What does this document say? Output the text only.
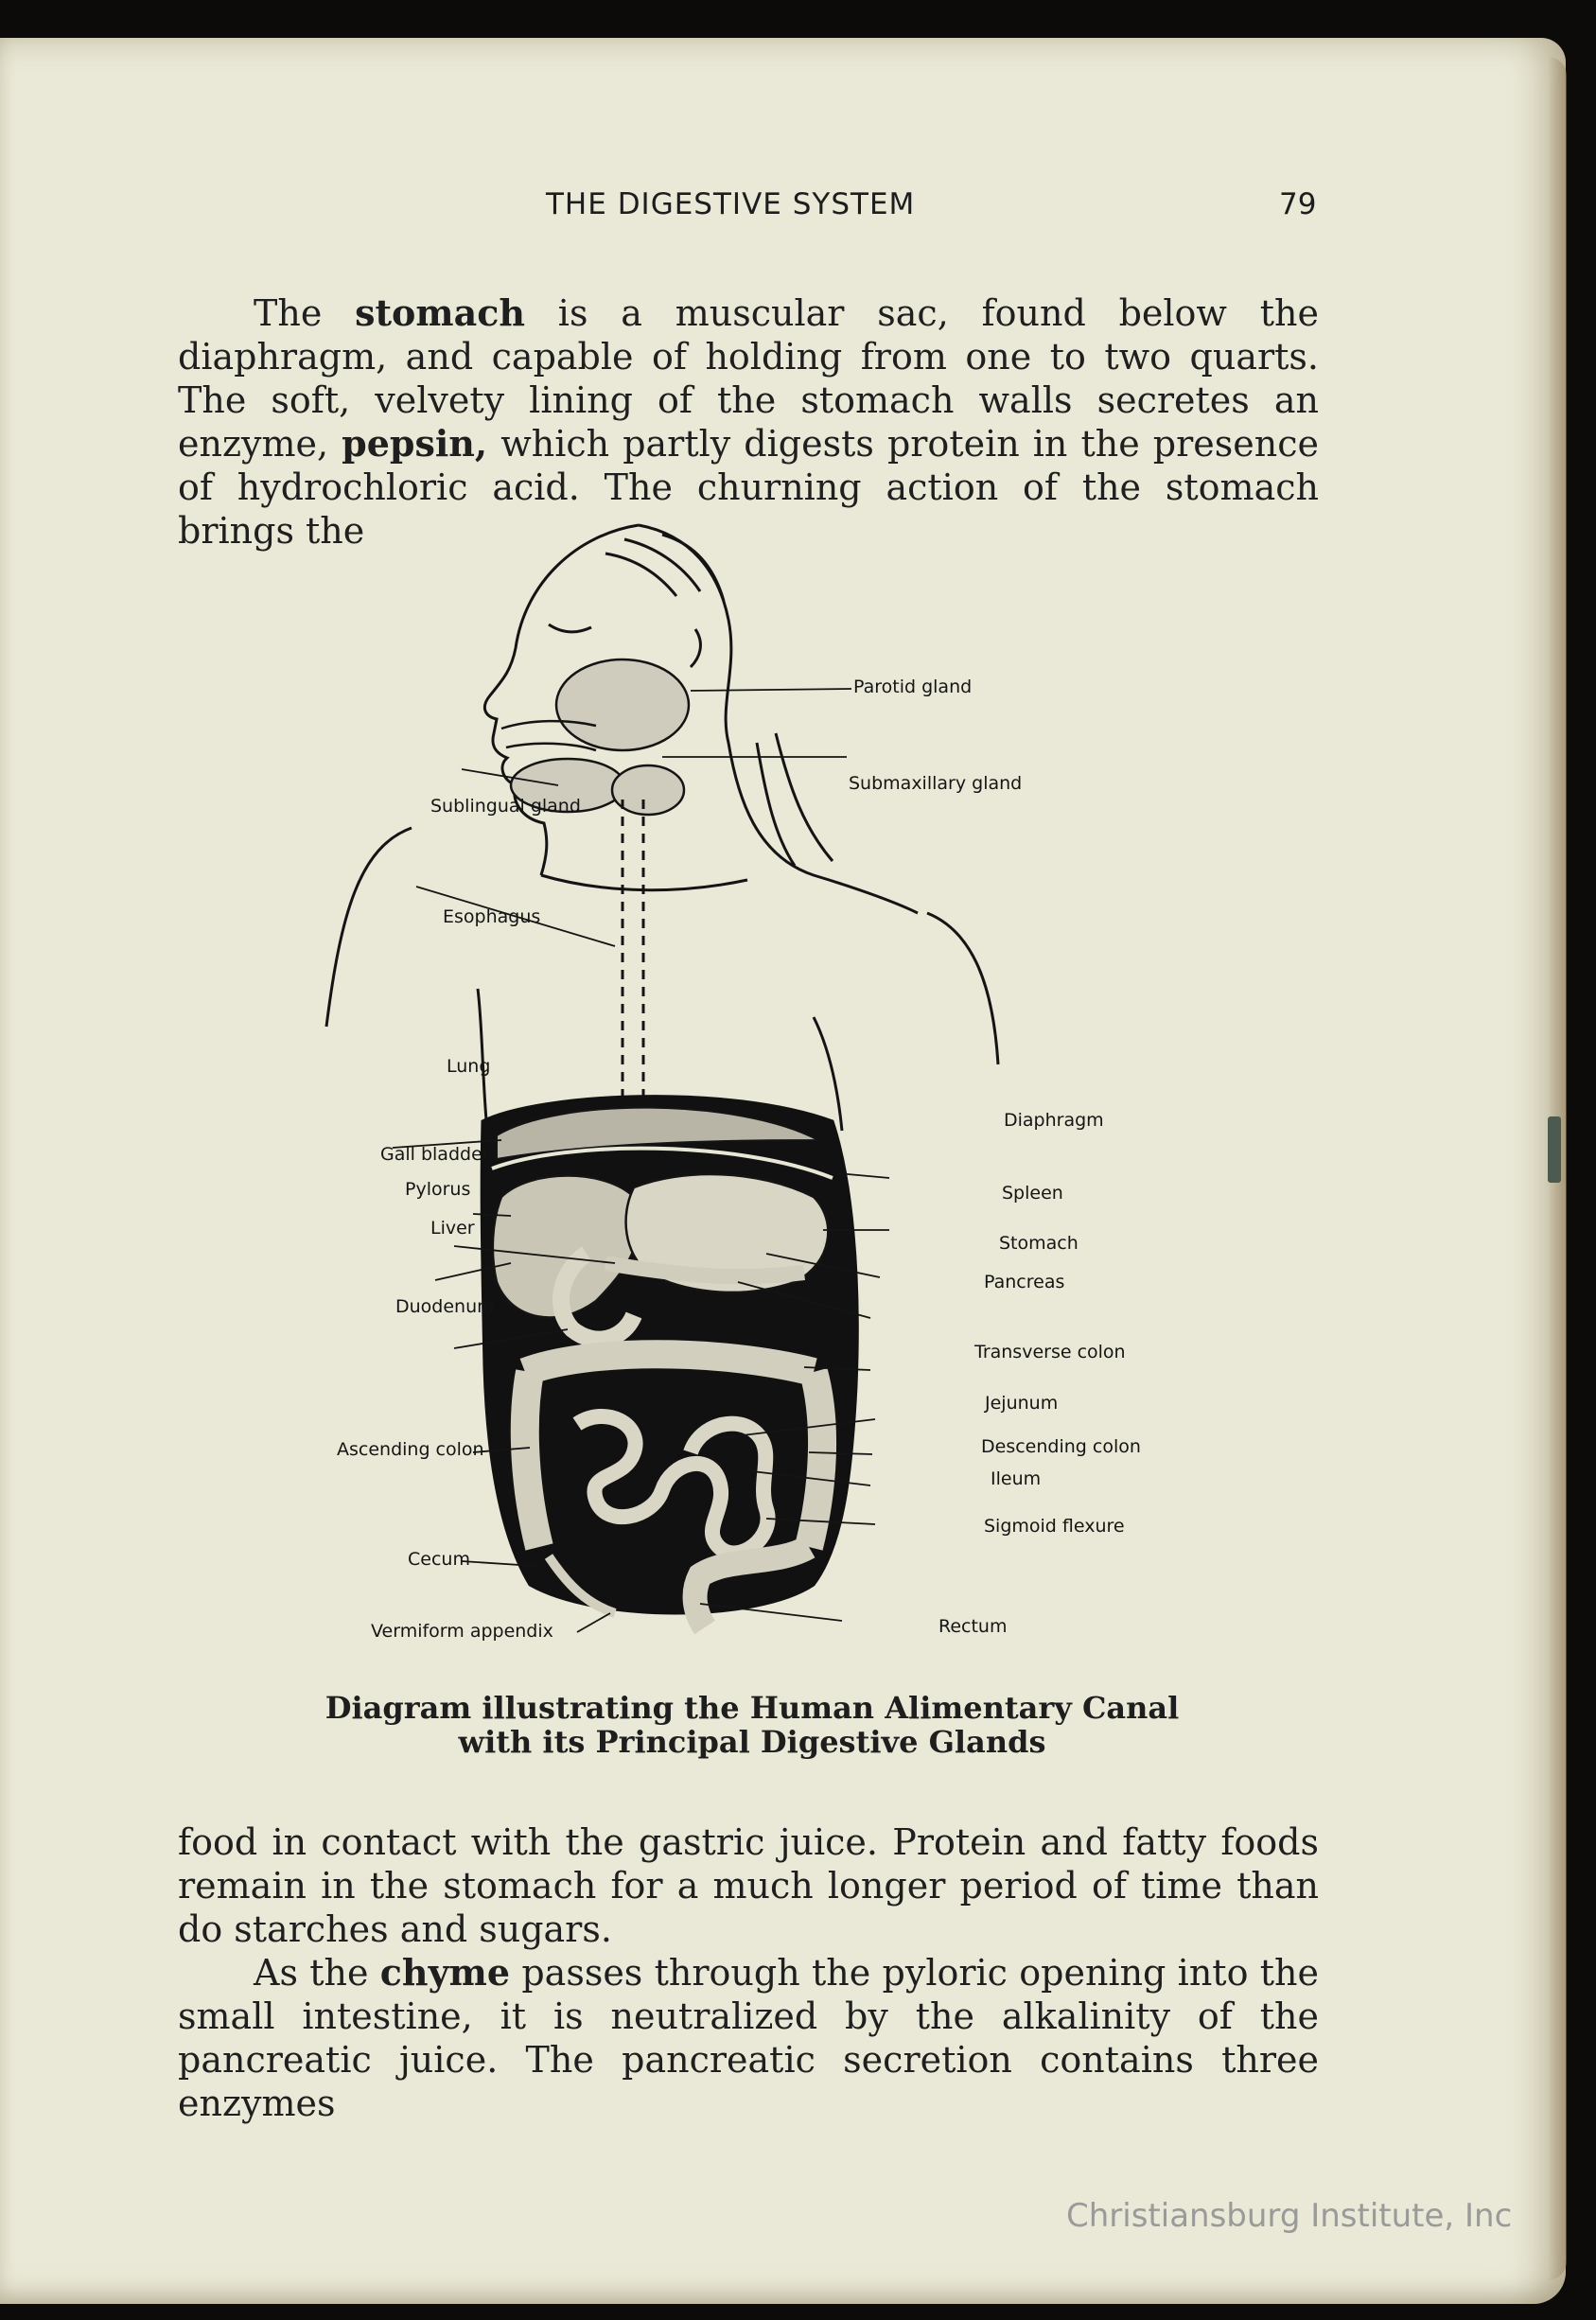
THE DIGESTIVE SYSTEM	79

The stomach is a muscular sac, found below the diaphragm, and capable of holding from one to two quarts. The soft, velvety lining of the stomach walls secretes an enzyme, pepsin, which partly digests protein in the presence of hydrochloric acid. The churning action of the stomach brings the

Parotid gland
Submaxillary gland
Sublingual gland
Esophagus
Lung
Diaphragm
Gall bladder
Pylorus	Spleen
Liver
Stomach
Pancreas
Duodenum
Transverse colon
Jejunum
Ascending colon	Descending colon
Ileum
Sigmoid flexure
Cecum
Vermiform appendix	Rectum
Diagram illustrating the Human Alimentary Canal
with its Principal Digestive Glands

food in contact with the gastric juice. Protein and fatty foods remain in the stomach for a much longer period of time than do starches and sugars.

As the chyme passes through the pyloric opening into the small intestine, it is neutralized by the alkalinity of the pancreatic juice. The pancreatic secretion contains three enzymes

Christiansburg Institute, Inc
